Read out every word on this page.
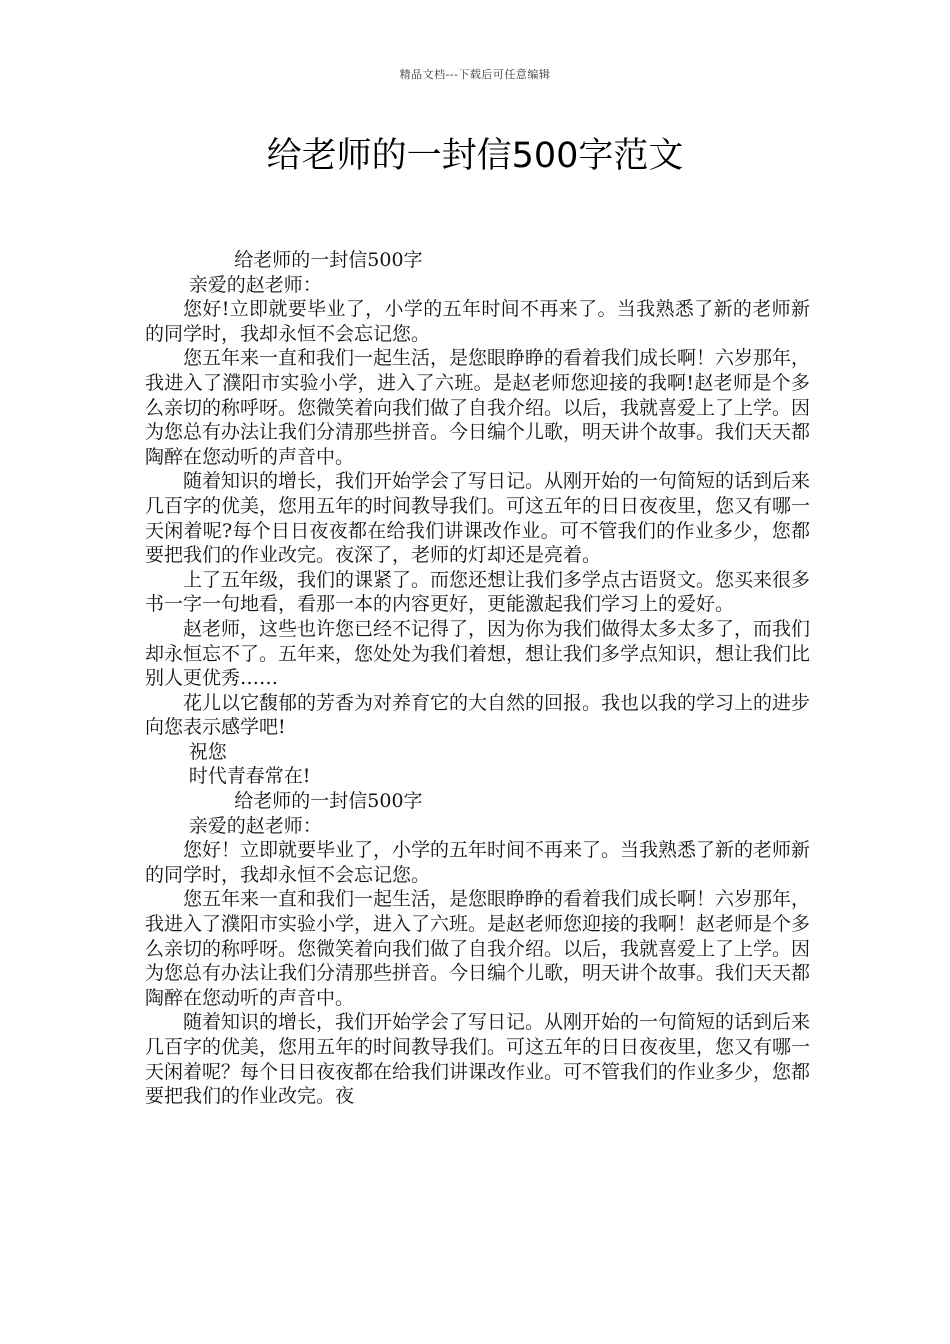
精品文档---下载后可任意编辑
给老师的一封信500字范文

给老师的一封信500字

亲爱的赵老师：

您好!立即就要毕业了，小学的五年时间不再来了。当我熟悉了新的老师新的同学时，我却永恒不会忘记您。

您五年来一直和我们一起生活，是您眼睁睁的看着我们成长啊！六岁那年，我进入了濮阳市实验小学，进入了六班。是赵老师您迎接的我啊!赵老师是个多么亲切的称呼呀。您微笑着向我们做了自我介绍。以后，我就喜爱上了上学。因为您总有办法让我们分清那些拼音。今日编个儿歌，明天讲个故事。我们天天都陶醉在您动听的声音中。

随着知识的增长，我们开始学会了写日记。从刚开始的一句简短的话到后来几百字的优美，您用五年的时间教导我们。可这五年的日日夜夜里，您又有哪一天闲着呢?每个日日夜夜都在给我们讲课改作业。可不管我们的作业多少，您都要把我们的作业改完。夜深了，老师的灯却还是亮着。

上了五年级，我们的课紧了。而您还想让我们多学点古语贤文。您买来很多书一字一句地看，看那一本的内容更好，更能激起我们学习上的爱好。

赵老师，这些也许您已经不记得了，因为你为我们做得太多太多了，而我们却永恒忘不了。五年来，您处处为我们着想，想让我们多学点知识，想让我们比别人更优秀……

花儿以它馥郁的芳香为对养育它的大自然的回报。我也以我的学习上的进步向您表示感学吧!

祝您

时代青春常在!

给老师的一封信500字

亲爱的赵老师：

您好！立即就要毕业了，小学的五年时间不再来了。当我熟悉了新的老师新的同学时，我却永恒不会忘记您。

您五年来一直和我们一起生活，是您眼睁睁的看着我们成长啊！六岁那年，我进入了濮阳市实验小学，进入了六班。是赵老师您迎接的我啊！赵老师是个多么亲切的称呼呀。您微笑着向我们做了自我介绍。以后，我就喜爱上了上学。因为您总有办法让我们分清那些拼音。今日编个儿歌，明天讲个故事。我们天天都陶醉在您动听的声音中。

随着知识的增长，我们开始学会了写日记。从刚开始的一句简短的话到后来几百字的优美，您用五年的时间教导我们。可这五年的日日夜夜里，您又有哪一天闲着呢？每个日日夜夜都在给我们讲课改作业。可不管我们的作业多少，您都要把我们的作业改完。夜
